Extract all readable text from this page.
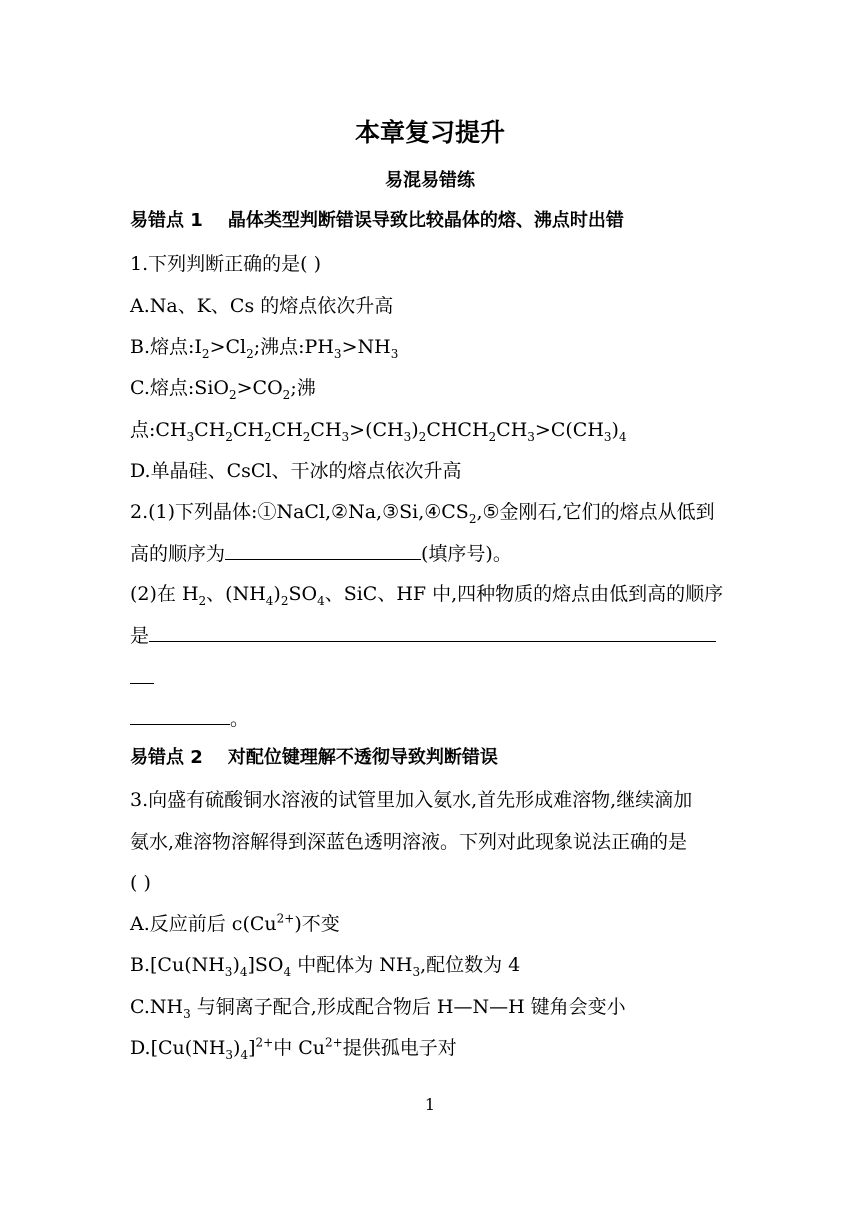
本章复习提升
易混易错练
易错点 1 晶体类型判断错误导致比较晶体的熔、沸点时出错
1.下列判断正确的是( )
A.Na、K、Cs 的熔点依次升高
B.熔点$:I_2>Cl_2$;沸点$:PH_3>NH_3$
C.熔点$:SiO_2>CO_2$;沸
点$:CH_3CH_2CH_2CH_2CH_3>(CH_3)_2CHCH_2CH_3>C(CH_3)_4$
D.单晶硅、CsCl、干冰的熔点依次升高
2.(1)下列晶体$:①NaCl,②Na,③Si,④CS_2,⑤$金刚石,它们的熔点从低到
高的顺序为	(填序号)。
(2)在 $H_2$、$(NH_4)_2SO_4$、SiC、HF 中,四种物质的熔点由低到高的顺序
是
。
易错点 2 对配位键理解不透彻导致判断错误
3.向盛有硫酸铜水溶液的试管里加入氨水,首先形成难溶物,继续滴加
氨水,难溶物溶解得到深蓝色透明溶液。下列对此现象说法正确的是
( )
A.反应前后 $c(Cu^{2+})$不变
$B.[Cu(NH_3)_4]SO_4$ 中配体为 $NH_3$,配位数为 4
$C.NH_3$ 与铜离子配合,形成配合物后 H—N—H 键角会变小
$D.[Cu(NH_3)_4]^{2+}$中 $Cu^{2+}$提供孤电子对
1
